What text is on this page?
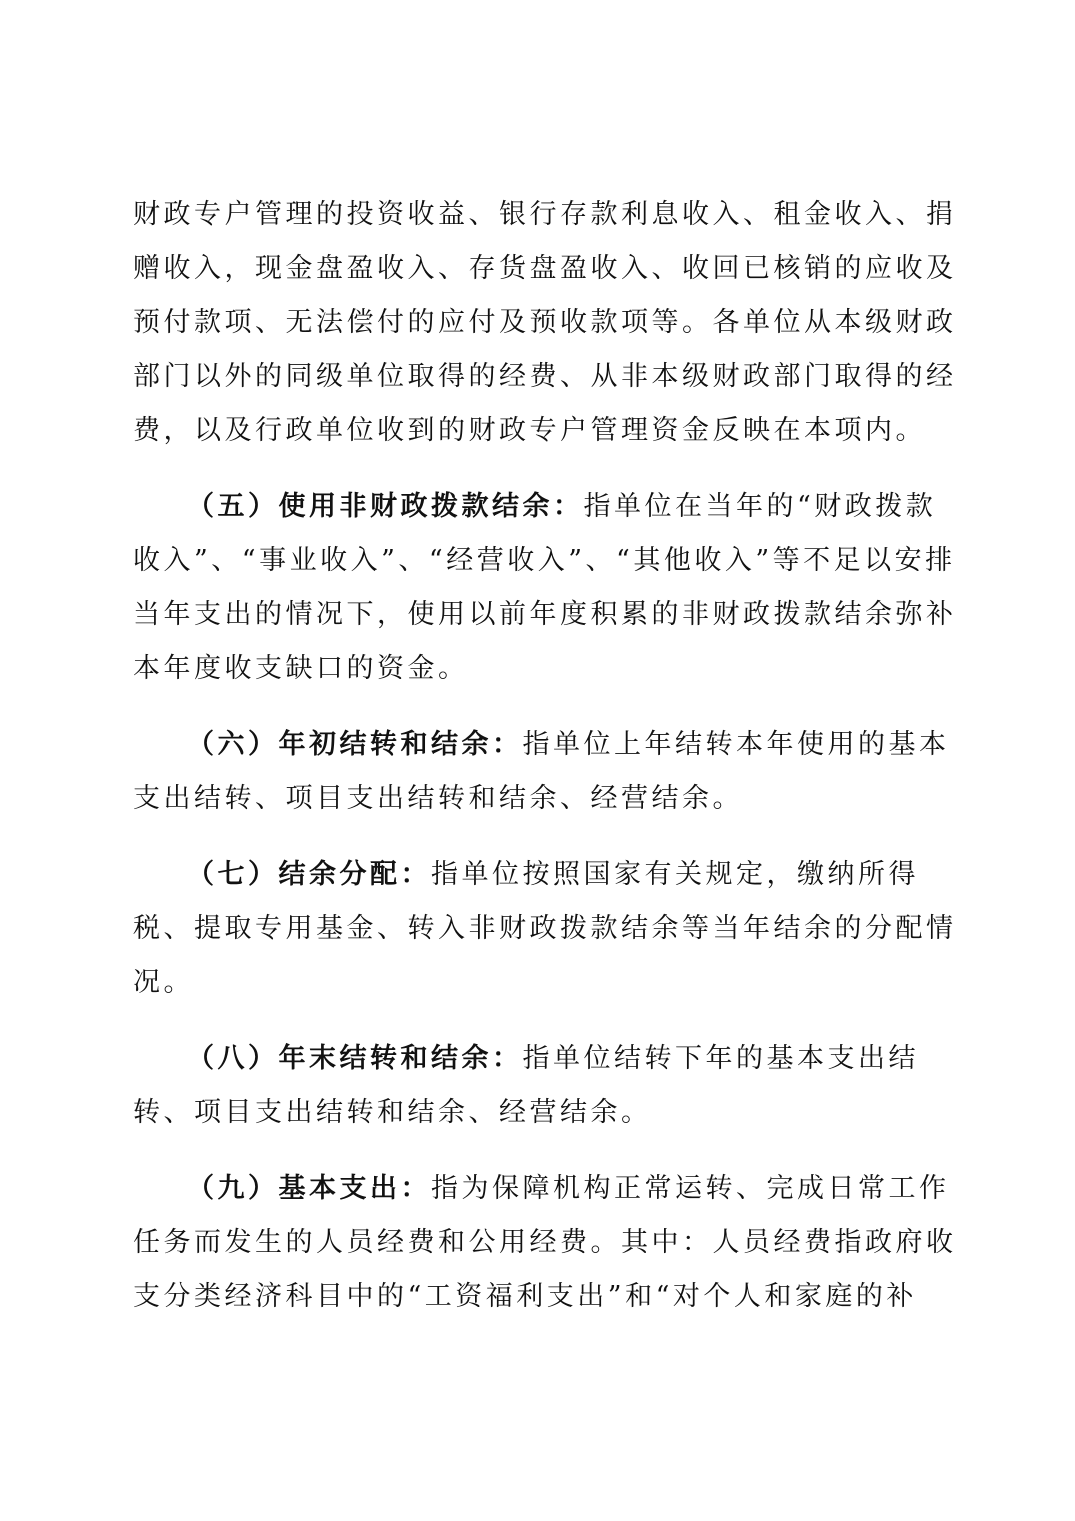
财政专户管理的投资收益、银行存款利息收入、租金收入、捐
赠收入，现金盘盈收入、存货盘盈收入、收回已核销的应收及
预付款项、无法偿付的应付及预收款项等。各单位从本级财政
部门以外的同级单位取得的经费、从非本级财政部门取得的经
费，以及行政单位收到的财政专户管理资金反映在本项内。
（五）使用非财政拨款结余：指单位在当年的“财政拨款
收入”、“事业收入”、“经营收入”、“其他收入”等不足以安排
当年支出的情况下，使用以前年度积累的非财政拨款结余弥补
本年度收支缺口的资金。
（六）年初结转和结余：指单位上年结转本年使用的基本
支出结转、项目支出结转和结余、经营结余。
（七）结余分配：指单位按照国家有关规定，缴纳所得
税、提取专用基金、转入非财政拨款结余等当年结余的分配情
况。
（八）年末结转和结余：指单位结转下年的基本支出结
转、项目支出结转和结余、经营结余。
（九）基本支出：指为保障机构正常运转、完成日常工作
任务而发生的人员经费和公用经费。其中：人员经费指政府收
支分类经济科目中的“工资福利支出”和“对个人和家庭的补
